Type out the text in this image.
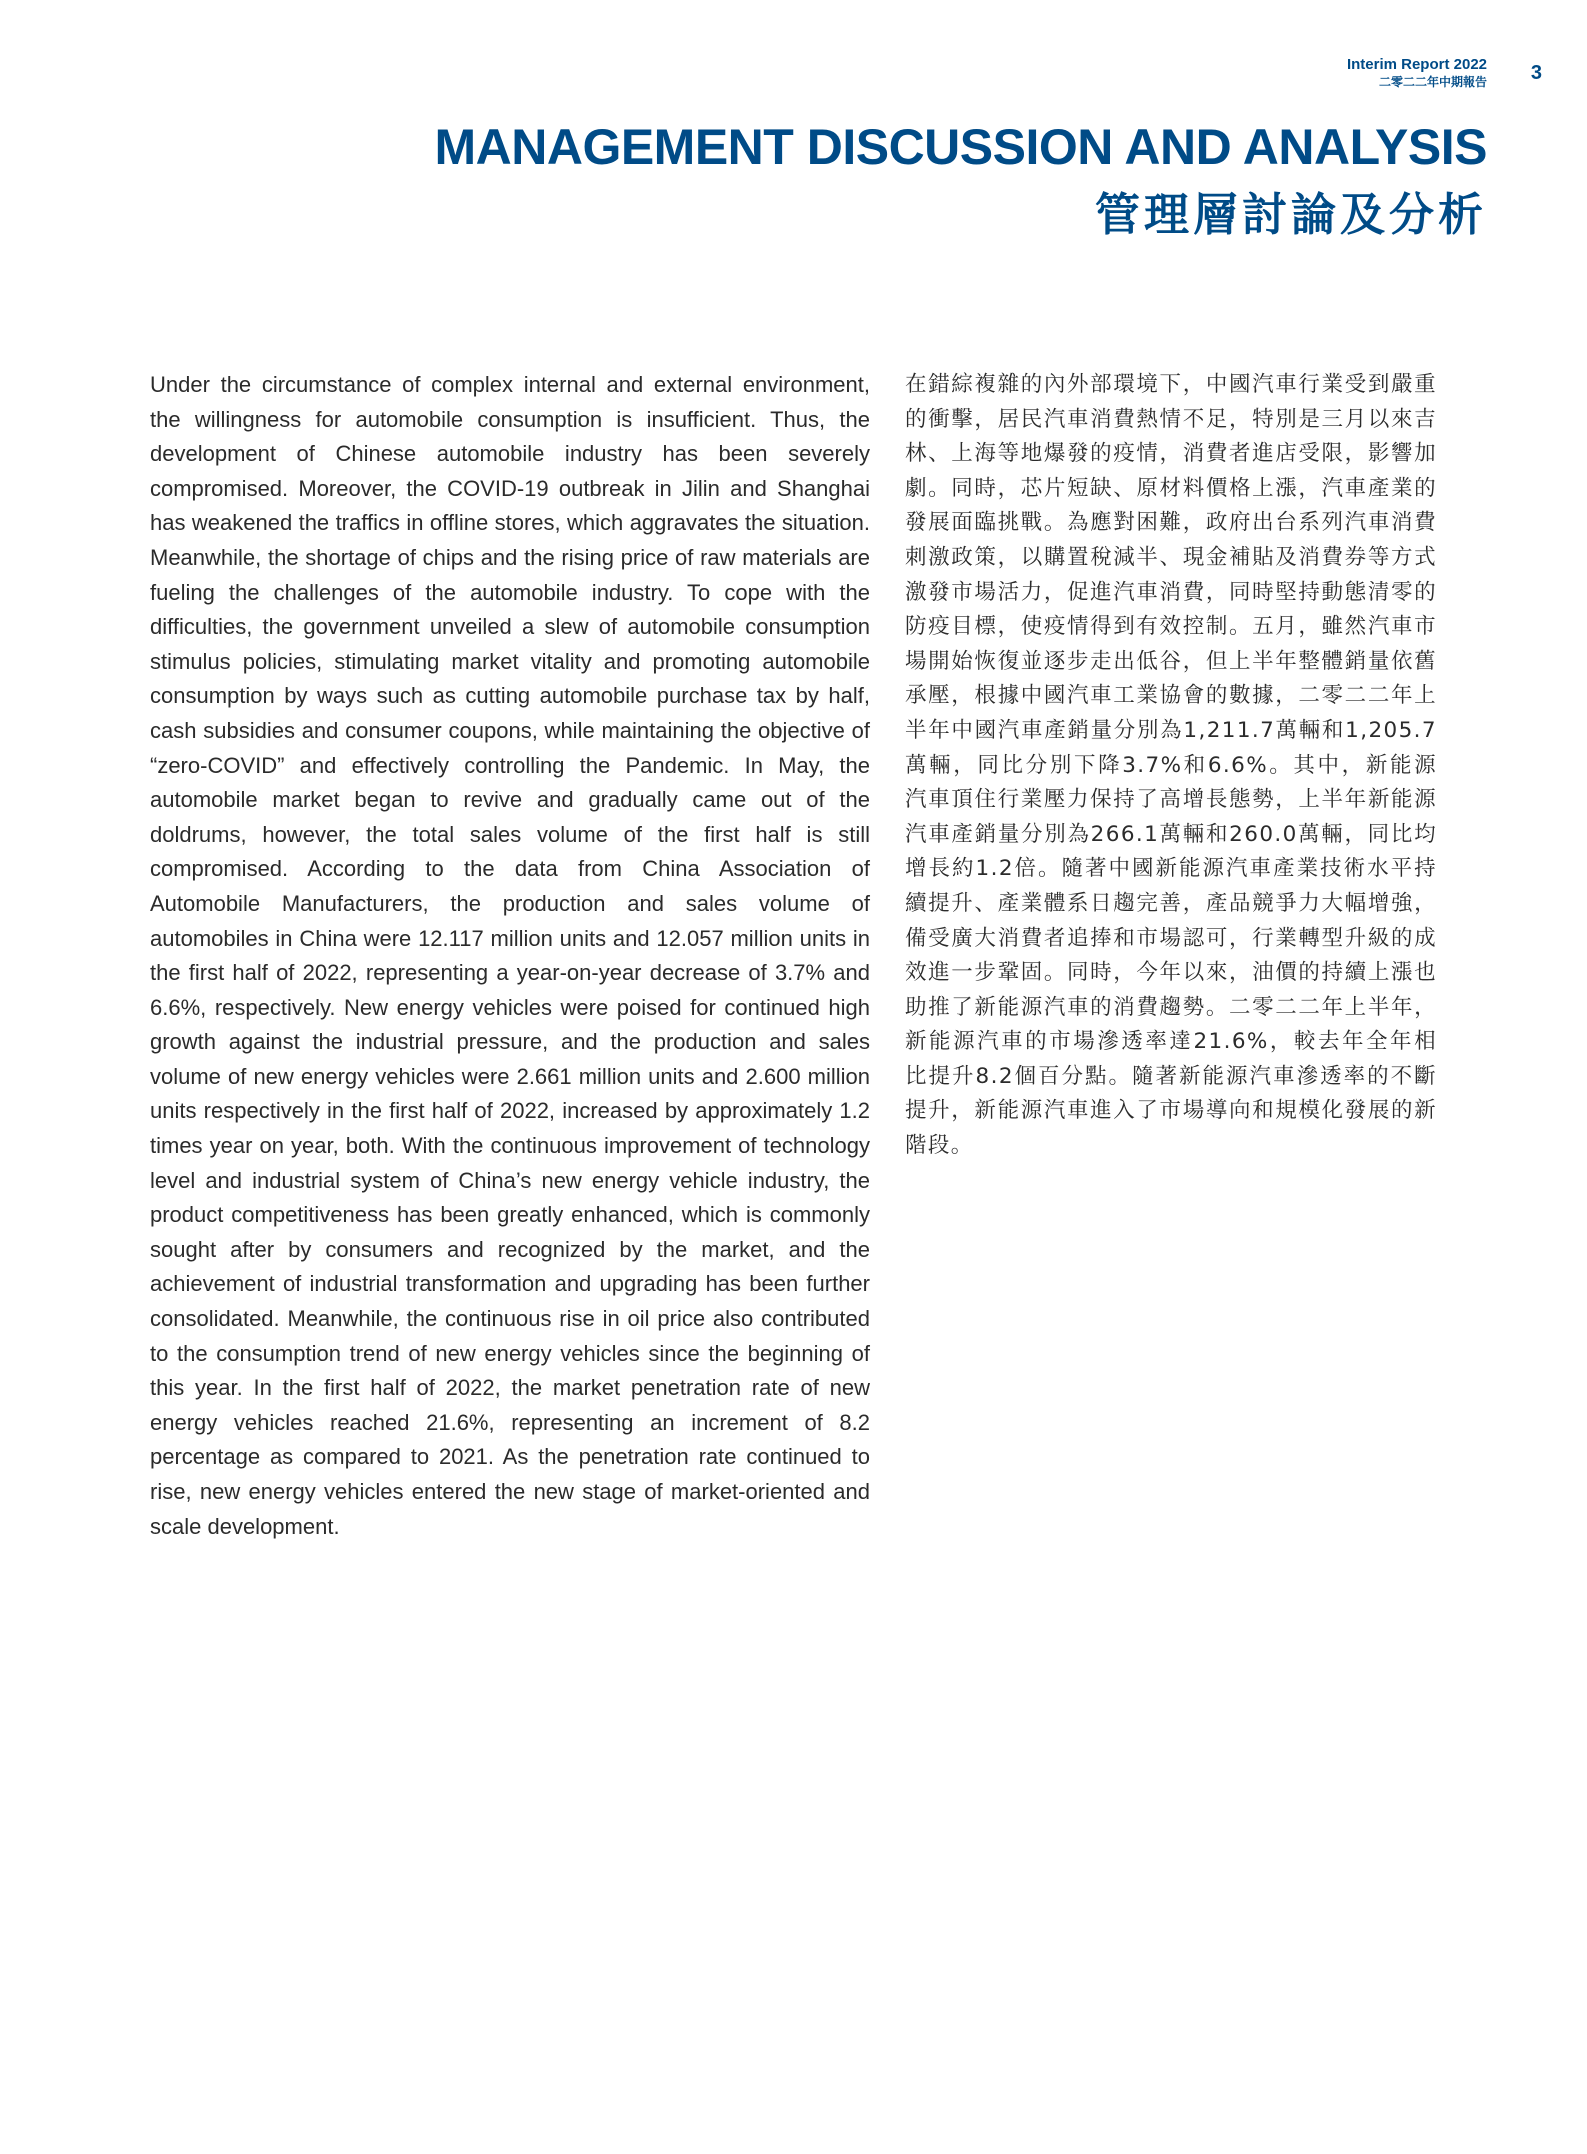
Interim Report 2022
二零二二年中期報告 3
MANAGEMENT DISCUSSION AND ANALYSIS
管理層討論及分析

Under the circumstance of complex internal and external environment, the willingness for automobile consumption is insufficient. Thus, the development of Chinese automobile industry has been severely compromised. Moreover, the COVID-19 outbreak in Jilin and Shanghai has weakened the traffics in offline stores, which aggravates the situation. Meanwhile, the shortage of chips and the rising price of raw materials are fueling the challenges of the automobile industry. To cope with the difficulties, the government unveiled a slew of automobile consumption stimulus policies, stimulating market vitality and promoting automobile consumption by ways such as cutting automobile purchase tax by half, cash subsidies and consumer coupons, while maintaining the objective of “zero-COVID” and effectively controlling the Pandemic. In May, the automobile market began to revive and gradually came out of the doldrums, however, the total sales volume of the first half is still compromised. According to the data from China Association of Automobile Manufacturers, the production and sales volume of automobiles in China were 12.117 million units and 12.057 million units in the first half of 2022, representing a year-on-year decrease of 3.7% and 6.6%, respectively. New energy vehicles were poised for continued high growth against the industrial pressure, and the production and sales volume of new energy vehicles were 2.661 million units and 2.600 million units respectively in the first half of 2022, increased by approximately 1.2 times year on year, both. With the continuous improvement of technology level and industrial system of China’s new energy vehicle industry, the product competitiveness has been greatly enhanced, which is commonly sought after by consumers and recognized by the market, and the achievement of industrial transformation and upgrading has been further consolidated. Meanwhile, the continuous rise in oil price also contributed to the consumption trend of new energy vehicles since the beginning of this year. In the first half of 2022, the market penetration rate of new energy vehicles reached 21.6%, representing an increment of 8.2 percentage as compared to 2021. As the penetration rate continued to rise, new energy vehicles entered the new stage of market-oriented and scale development.

在錯綜複雜的內外部環境下，中國汽車行業受到嚴重的衝擊，居民汽車消費熱情不足，特別是三月以來吉林、上海等地爆發的疫情，消費者進店受限，影響加劇。同時，芯片短缺、原材料價格上漲，汽車產業的發展面臨挑戰。為應對困難，政府出台系列汽車消費刺激政策，以購置稅減半、現金補貼及消費券等方式激發市場活力，促進汽車消費，同時堅持動態清零的防疫目標，使疫情得到有效控制。五月，雖然汽車市場開始恢復並逐步走出低谷，但上半年整體銷量依舊承壓，根據中國汽車工業協會的數據，二零二二年上半年中國汽車產銷量分別為1,211.7萬輛和1,205.7萬輛，同比分別下降3.7%和6.6%。其中，新能源汽車頂住行業壓力保持了高增長態勢，上半年新能源汽車產銷量分別為266.1萬輛和260.0萬輛，同比均增長約1.2倍。隨著中國新能源汽車產業技術水平持續提升、產業體系日趨完善，產品競爭力大幅增強，備受廣大消費者追捧和市場認可，行業轉型升級的成效進一步鞏固。同時，今年以來，油價的持續上漲也助推了新能源汽車的消費趨勢。二零二二年上半年，新能源汽車的市場滲透率達21.6%，較去年全年相比提升8.2個百分點。隨著新能源汽車滲透率的不斷提升，新能源汽車進入了市場導向和規模化發展的新階段。
